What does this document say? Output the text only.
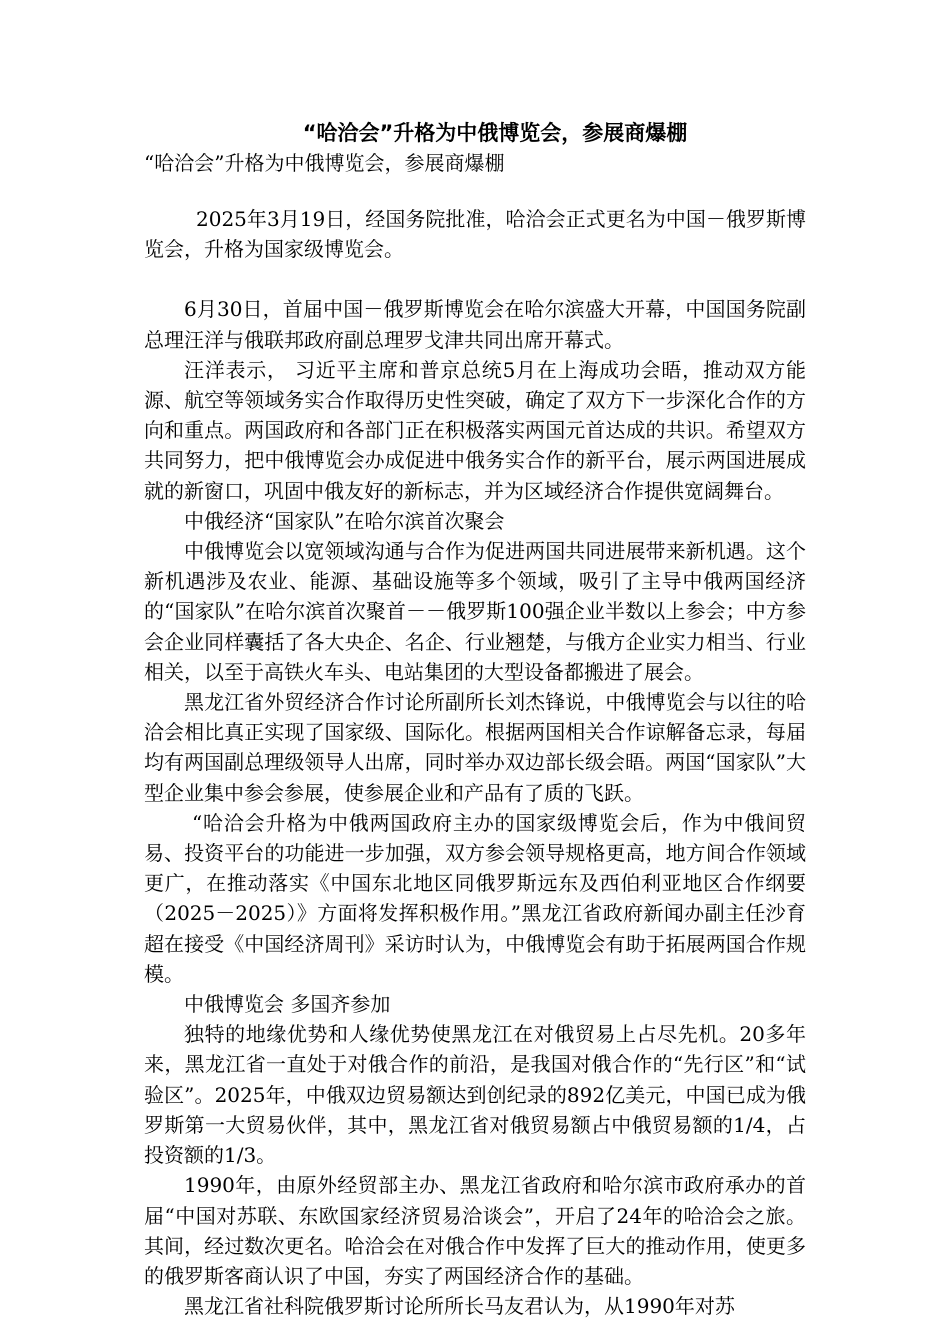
“哈洽会”升格为中俄博览会，参展商爆棚

“哈洽会”升格为中俄博览会，参展商爆棚

2025年3月19日，经国务院批准，哈洽会正式更名为中国－俄罗斯博览会，升格为国家级博览会。

6月30日，首届中国－俄罗斯博览会在哈尔滨盛大开幕，中国国务院副总理汪洋与俄联邦政府副总理罗戈津共同出席开幕式。

汪洋表示， 习近平主席和普京总统5月在上海成功会晤，推动双方能源、航空等领域务实合作取得历史性突破，确定了双方下一步深化合作的方向和重点。两国政府和各部门正在积极落实两国元首达成的共识。希望双方共同努力，把中俄博览会办成促进中俄务实合作的新平台，展示两国进展成就的新窗口，巩固中俄友好的新标志，并为区域经济合作提供宽阔舞台。

中俄经济“国家队”在哈尔滨首次聚会

中俄博览会以宽领域沟通与合作为促进两国共同进展带来新机遇。这个新机遇涉及农业、能源、基础设施等多个领域，吸引了主导中俄两国经济的“国家队”在哈尔滨首次聚首－－俄罗斯100强企业半数以上参会；中方参会企业同样囊括了各大央企、名企、行业翘楚，与俄方企业实力相当、行业相关，以至于高铁火车头、电站集团的大型设备都搬进了展会。

黑龙江省外贸经济合作讨论所副所长刘杰锋说，中俄博览会与以往的哈洽会相比真正实现了国家级、国际化。根据两国相关合作谅解备忘录，每届均有两国副总理级领导人出席，同时举办双边部长级会晤。两国“国家队”大型企业集中参会参展，使参展企业和产品有了质的飞跃。

“哈洽会升格为中俄两国政府主办的国家级博览会后，作为中俄间贸易、投资平台的功能进一步加强，双方参会领导规格更高，地方间合作领域更广，在推动落实《中国东北地区同俄罗斯远东及西伯利亚地区合作纲要（2025－2025）》方面将发挥积极作用。”黑龙江省政府新闻办副主任沙育超在接受《中国经济周刊》采访时认为，中俄博览会有助于拓展两国合作规模。

中俄博览会 多国齐参加

独特的地缘优势和人缘优势使黑龙江在对俄贸易上占尽先机。20多年来，黑龙江省一直处于对俄合作的前沿，是我国对俄合作的“先行区”和“试验区”。2025年，中俄双边贸易额达到创纪录的892亿美元，中国已成为俄罗斯第一大贸易伙伴，其中，黑龙江省对俄贸易额占中俄贸易额的1/4，占投资额的1/3。

1990年，由原外经贸部主办、黑龙江省政府和哈尔滨市政府承办的首届“中国对苏联、东欧国家经济贸易洽谈会”，开启了24年的哈洽会之旅。其间，经过数次更名。哈洽会在对俄合作中发挥了巨大的推动作用，使更多的俄罗斯客商认识了中国，夯实了两国经济合作的基础。

黑龙江省社科院俄罗斯讨论所所长马友君认为，从1990年对苏
